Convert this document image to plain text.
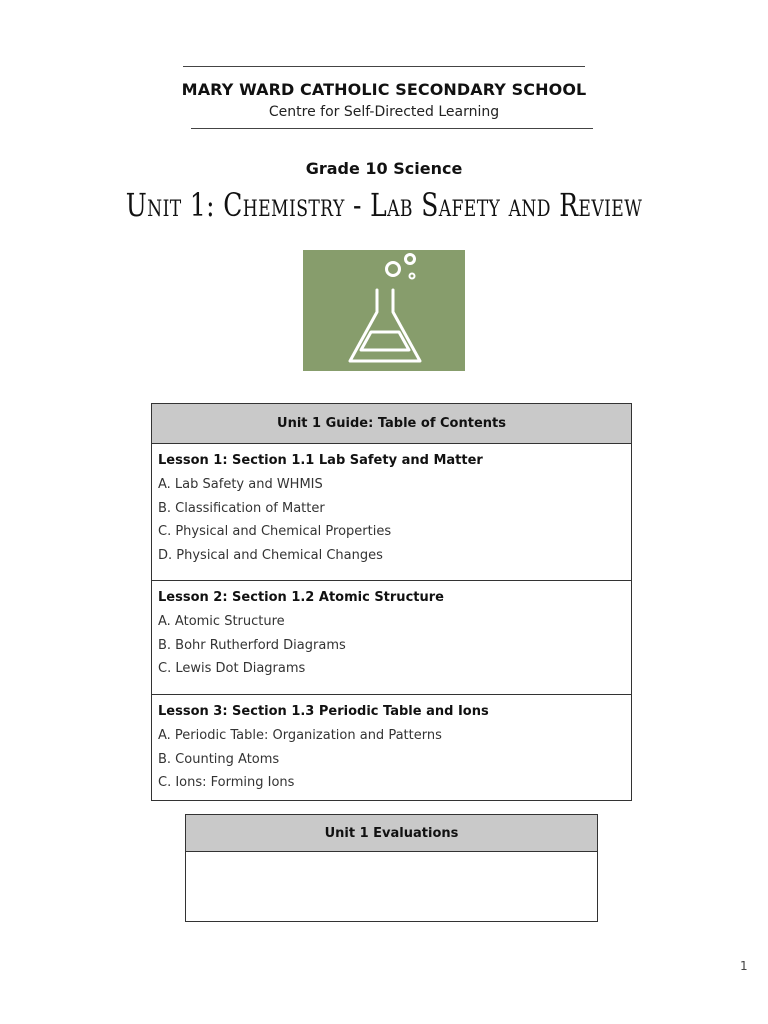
MARY WARD CATHOLIC SECONDARY SCHOOL
Centre for Self-Directed Learning
Grade 10 Science
Unit 1: Chemistry - Lab Safety and Review
Unit 1 Guide: Table of Contents
Lesson 1: Section 1.1 Lab Safety and Matter
A. Lab Safety and WHMIS
B. Classification of Matter
C. Physical and Chemical Properties
D. Physical and Chemical Changes
Lesson 2: Section 1.2 Atomic Structure
A. Atomic Structure
B. Bohr Rutherford Diagrams
C. Lewis Dot Diagrams
Lesson 3: Section 1.3 Periodic Table and Ions
A. Periodic Table: Organization and Patterns
B. Counting Atoms
C. Ions: Forming Ions
Unit 1 Evaluations
1
